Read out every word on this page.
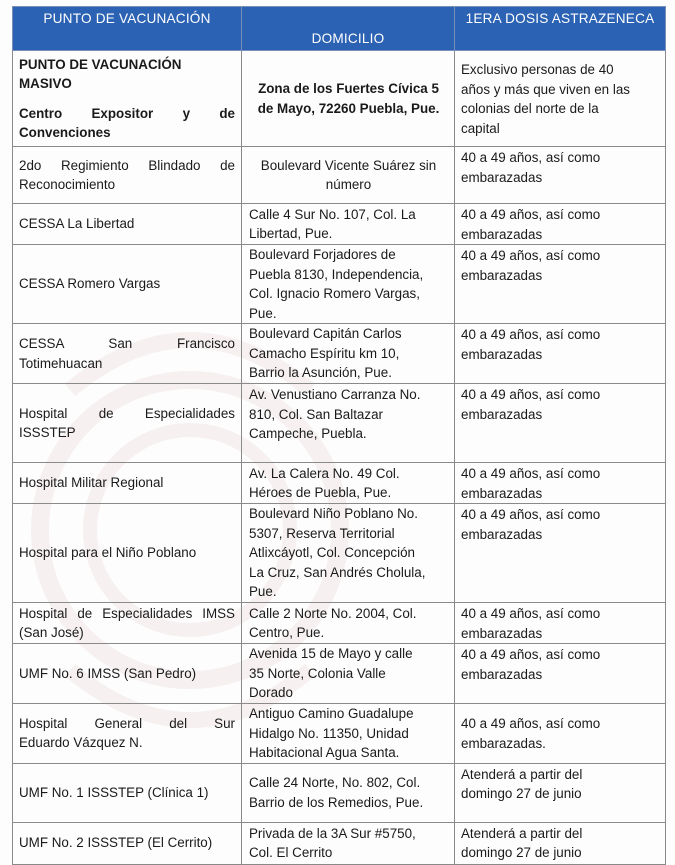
PUNTO DE VACUNACIÓN	DOMICILIO	1ERA DOSIS ASTRAZENECA

PUNTO DE VACUNACIÓN
MASIVO
Centro Expositor y de
Convenciones	Zona de los Fuertes Cívica 5
de Mayo, 72260 Puebla, Pue.	Exclusivo personas de 40
años y más que viven en las
colonias del norte de la
capital

2do Regimiento Blindado de
Reconocimiento	Boulevard Vicente Suárez sin
número	40 a 49 años, así como
embarazadas

CESSA La Libertad	Calle 4 Sur No. 107, Col. La
Libertad, Pue.	40 a 49 años, así como
embarazadas

CESSA Romero Vargas	Boulevard Forjadores de
Puebla 8130, Independencia,
Col. Ignacio Romero Vargas,
Pue.	40 a 49 años, así como
embarazadas

CESSA San Francisco
Totimehuacan	Boulevard Capitán Carlos
Camacho Espíritu km 10,
Barrio la Asunción, Pue.	40 a 49 años, así como
embarazadas

Hospital de Especialidades
ISSSTEP	Av. Venustiano Carranza No.
810, Col. San Baltazar
Campeche, Puebla.	40 a 49 años, así como
embarazadas

Hospital Militar Regional	Av. La Calera No. 49 Col.
Héroes de Puebla, Pue.	40 a 49 años, así como
embarazadas

Hospital para el Niño Poblano	Boulevard Niño Poblano No.
5307, Reserva Territorial
Atlixcáyotl, Col. Concepción
La Cruz, San Andrés Cholula,
Pue.	40 a 49 años, así como
embarazadas

Hospital de Especialidades IMSS
(San José)	Calle 2 Norte No. 2004, Col.
Centro, Pue.	40 a 49 años, así como
embarazadas

UMF No. 6 IMSS (San Pedro)	Avenida 15 de Mayo y calle
35 Norte, Colonia Valle
Dorado	40 a 49 años, así como
embarazadas

Hospital General del Sur
Eduardo Vázquez N.	Antiguo Camino Guadalupe
Hidalgo No. 11350, Unidad
Habitacional Agua Santa.	40 a 49 años, así como
embarazadas.

UMF No. 1 ISSSTEP (Clínica 1)	Calle 24 Norte, No. 802, Col.
Barrio de los Remedios, Pue.	Atenderá a partir del
domingo 27 de junio

UMF No. 2 ISSSTEP (El Cerrito)	Privada de la 3A Sur #5750,
Col. El Cerrito	Atenderá a partir del
domingo 27 de junio
